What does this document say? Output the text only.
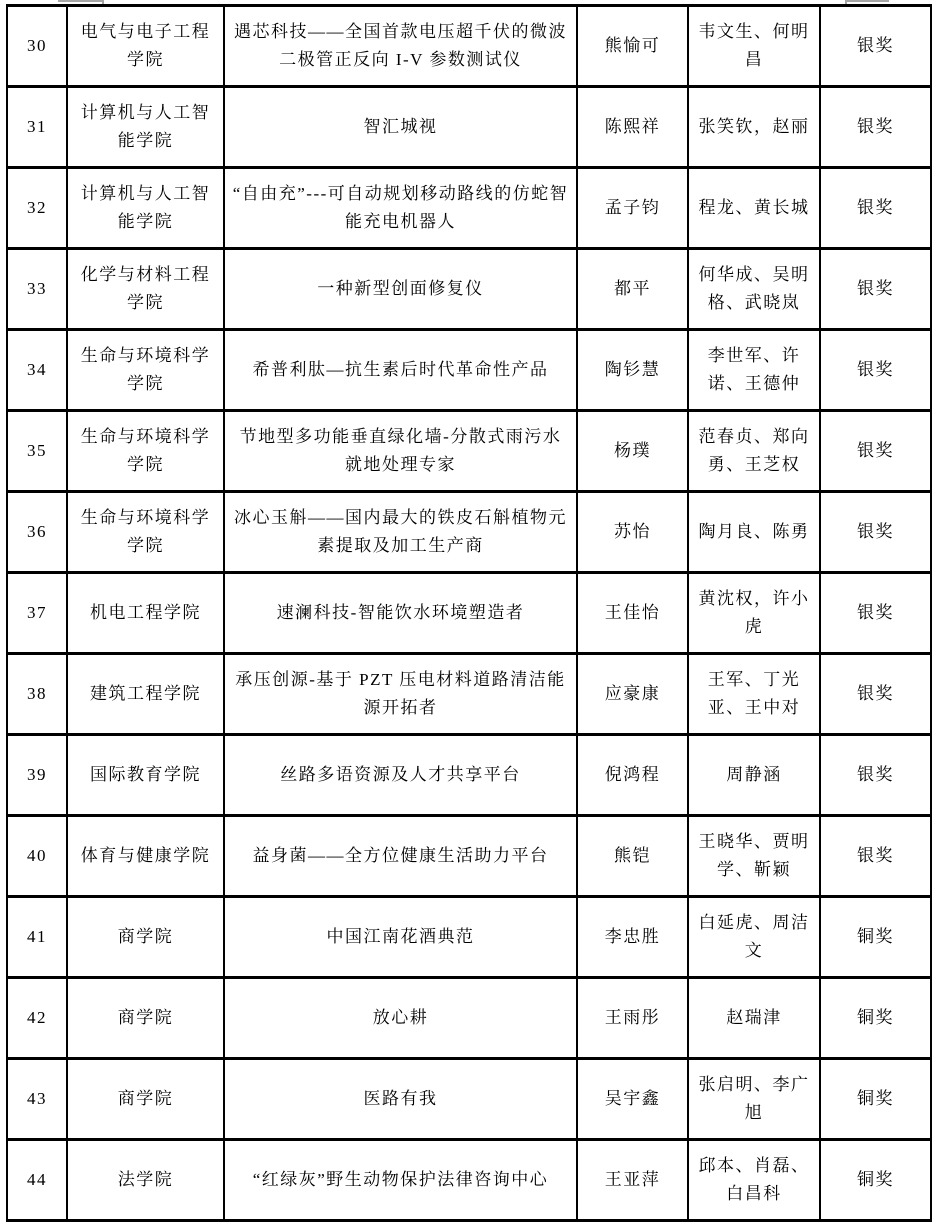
30	电气与电子工程学院	遇芯科技——全国首款电压超千伏的微波二极管正反向 I-V 参数测试仪	熊愉可	韦文生、何明昌	银奖
31	计算机与人工智能学院	智汇城视	陈熙祥	张笑钦，赵丽	银奖
32	计算机与人工智能学院	“自由充”---可自动规划移动路线的仿蛇智能充电机器人	孟子钧	程龙、黄长城	银奖
33	化学与材料工程学院	一种新型创面修复仪	都平	何华成、吴明格、武晓岚	银奖
34	生命与环境科学学院	希普利肽—抗生素后时代革命性产品	陶钐慧	李世军、许诺、王德仲	银奖
35	生命与环境科学学院	节地型多功能垂直绿化墙-分散式雨污水就地处理专家	杨璞	范春贞、郑向勇、王芝权	银奖
36	生命与环境科学学院	冰心玉斛——国内最大的铁皮石斛植物元素提取及加工生产商	苏怡	陶月良、陈勇	银奖
37	机电工程学院	速澜科技-智能饮水环境塑造者	王佳怡	黄沈权，许小虎	银奖
38	建筑工程学院	承压创源-基于 PZT 压电材料道路清洁能源开拓者	应豪康	王军、丁光亚、王中对	银奖
39	国际教育学院	丝路多语资源及人才共享平台	倪鸿程	周静涵	银奖
40	体育与健康学院	益身菌——全方位健康生活助力平台	熊铠	王晓华、贾明学、靳颖	银奖
41	商学院	中国江南花酒典范	李忠胜	白延虎、周洁文	铜奖
42	商学院	放心耕	王雨彤	赵瑞津	铜奖
43	商学院	医路有我	吴宇鑫	张启明、李广旭	铜奖
44	法学院	“红绿灰”野生动物保护法律咨询中心	王亚萍	邱本、肖磊、白昌科	铜奖
